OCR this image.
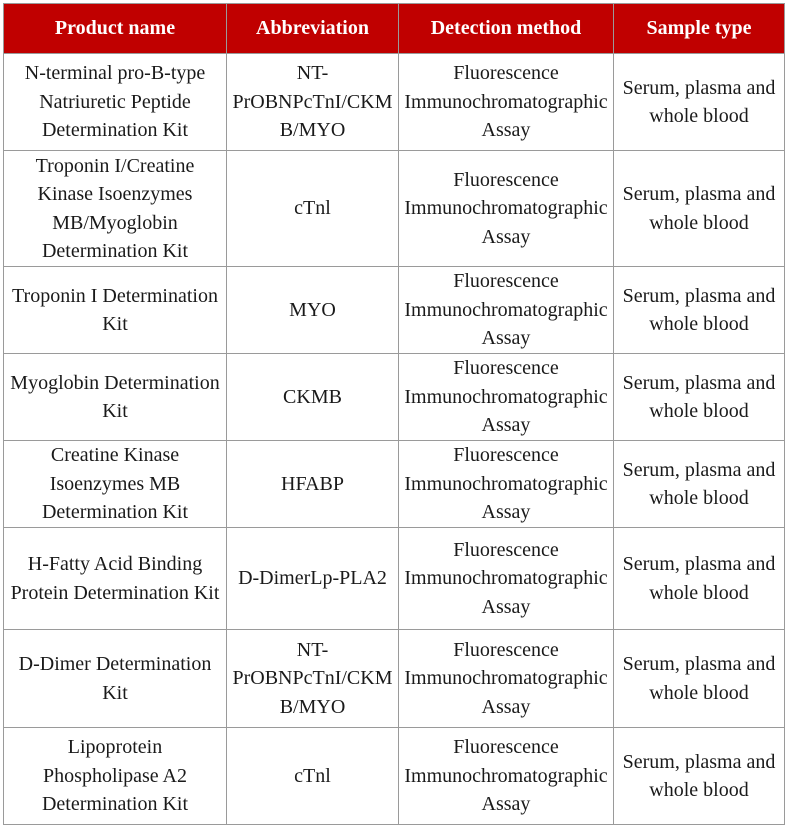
Product name	Abbreviation	Detection method	Sample type
N-terminal pro-B-type Natriuretic Peptide Determination Kit	NT-PrOBNPcTnI/CKMB/MYO	Fluorescence Immunochromatographic Assay	Serum, plasma and whole blood
Troponin I/Creatine Kinase Isoenzymes MB/Myoglobin Determination Kit	cTnl	Fluorescence Immunochromatographic Assay	Serum, plasma and whole blood
Troponin I Determination Kit	MYO	Fluorescence Immunochromatographic Assay	Serum, plasma and whole blood
Myoglobin Determination Kit	CKMB	Fluorescence Immunochromatographic Assay	Serum, plasma and whole blood
Creatine Kinase Isoenzymes MB Determination Kit	HFABP	Fluorescence Immunochromatographic Assay	Serum, plasma and whole blood
H-Fatty Acid Binding Protein Determination Kit	D-DimerLp-PLA2	Fluorescence Immunochromatographic Assay	Serum, plasma and whole blood
D-Dimer Determination Kit	NT-PrOBNPcTnI/CKMB/MYO	Fluorescence Immunochromatographic Assay	Serum, plasma and whole blood
Lipoprotein Phospholipase A2 Determination Kit	cTnl	Fluorescence Immunochromatographic Assay	Serum, plasma and whole blood
